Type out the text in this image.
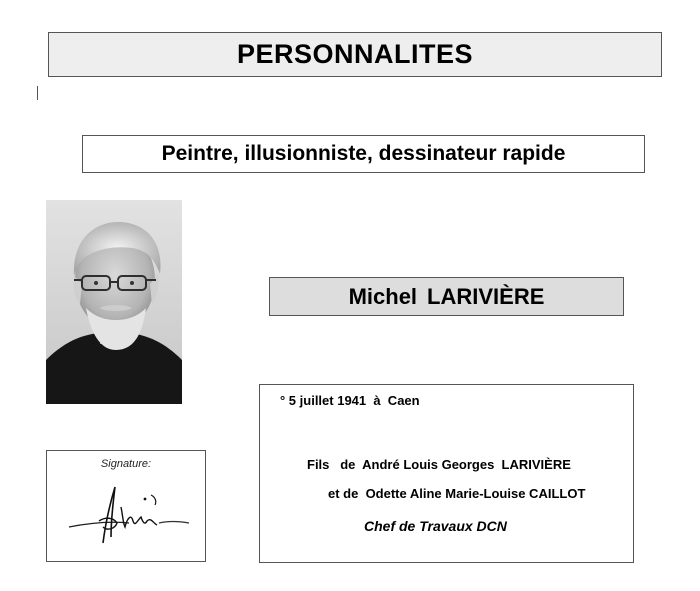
PERSONNALITES
Peintre, illusionniste, dessinateur rapide
Michel LARIVIÈRE
Signature:
° 5 juillet 1941  à  Caen
Fils   de  André Louis Georges  LARIVIÈRE
et de  Odette Aline Marie-Louise CAILLOT
Chef de Travaux DCN
